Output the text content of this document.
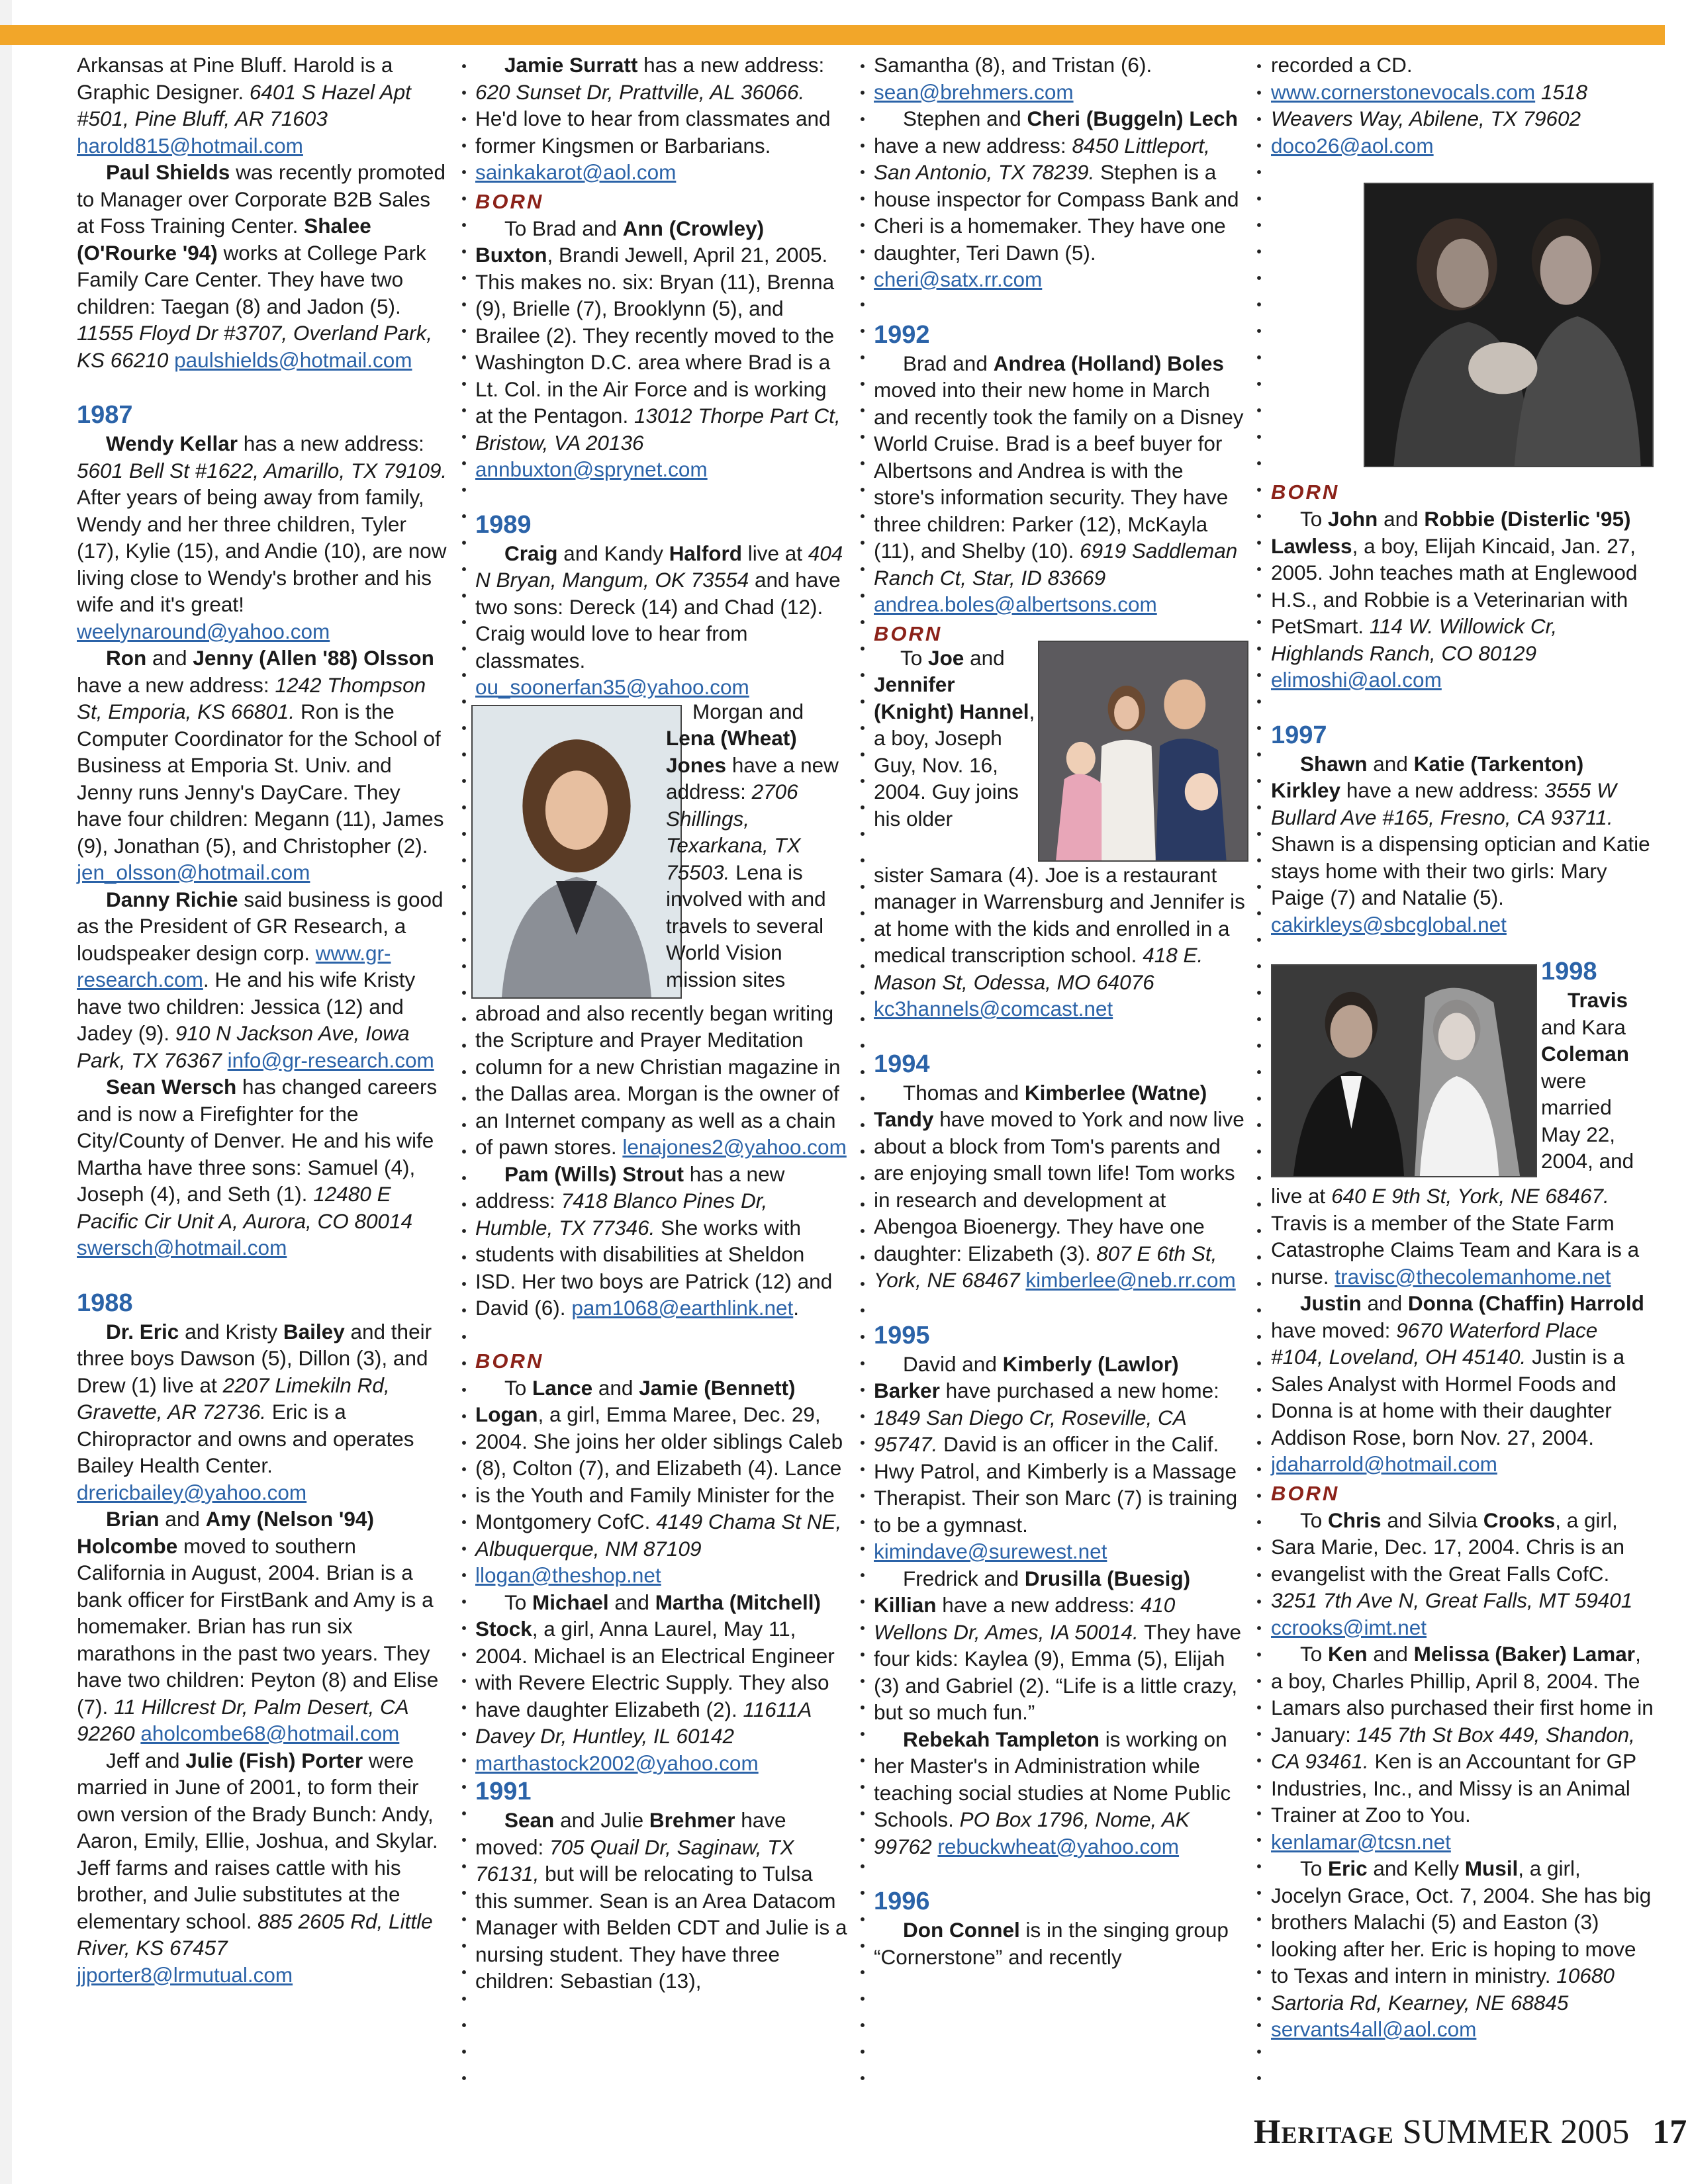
Arkansas at Pine Bluff. Harold is a Graphic Designer. 6401 S Hazel Apt #501, Pine Bluff, AR 71603 harold815@hotmail.com

Paul Shields was recently promoted to Manager over Corporate B2B Sales at Foss Training Center. Shalee (O'Rourke '94) works at College Park Family Care Center. They have two children: Taegan (8) and Jadon (5). 11555 Floyd Dr #3707, Overland Park, KS 66210 paulshields@hotmail.com

1987

Wendy Kellar has a new address: 5601 Bell St #1622, Amarillo, TX 79109. After years of being away from family, Wendy and her three children, Tyler (17), Kylie (15), and Andie (10), are now living close to Wendy's brother and his wife and it's great! weelynaround@yahoo.com

Ron and Jenny (Allen '88) Olsson have a new address: 1242 Thompson St, Emporia, KS 66801. Ron is the Computer Coordinator for the School of Business at Emporia St. Univ. and Jenny runs Jenny's DayCare. They have four children: Megann (11), James (9), Jonathan (5), and Christopher (2). jen_olsson@hotmail.com

Danny Richie said business is good as the President of GR Research, a loudspeaker design corp. www.gr-research.com. He and his wife Kristy have two children: Jessica (12) and Jadey (9). 910 N Jackson Ave, Iowa Park, TX 76367 info@gr-research.com

Sean Wersch has changed careers and is now a Firefighter for the City/County of Denver. He and his wife Martha have three sons: Samuel (4), Joseph (4), and Seth (1). 12480 E Pacific Cir Unit A, Aurora, CO 80014 swersch@hotmail.com

1988

Dr. Eric and Kristy Bailey and their three boys Dawson (5), Dillon (3), and Drew (1) live at 2207 Limekiln Rd, Gravette, AR 72736. Eric is a Chiropractor and owns and operates Bailey Health Center. drericbailey@yahoo.com

Brian and Amy (Nelson '94) Holcombe moved to southern California in August, 2004. Brian is a bank officer for FirstBank and Amy is a homemaker. Brian has run six marathons in the past two years. They have two children: Peyton (8) and Elise (7). 11 Hillcrest Dr, Palm Desert, CA 92260 aholcombe68@hotmail.com

Jeff and Julie (Fish) Porter were married in June of 2001, to form their own version of the Brady Bunch: Andy, Aaron, Emily, Ellie, Joshua, and Skylar. Jeff farms and raises cattle with his brother, and Julie substitutes at the elementary school. 885 2605 Rd, Little River, KS 67457 jjporter8@lrmutual.com

Jamie Surratt has a new address: 620 Sunset Dr, Prattville, AL 36066. He'd love to hear from classmates and former Kingsmen or Barbarians. sainkakarot@aol.com

BORN

To Brad and Ann (Crowley) Buxton, Brandi Jewell, April 21, 2005. This makes no. six: Bryan (11), Brenna (9), Brielle (7), Brooklynn (5), and Brailee (2). They recently moved to the Washington D.C. area where Brad is a Lt. Col. in the Air Force and is working at the Pentagon. 13012 Thorpe Part Ct, Bristow, VA 20136 annbuxton@sprynet.com

1989

Craig and Kandy Halford live at 404 N Bryan, Mangum, OK 73554 and have two sons: Dereck (14) and Chad (12). Craig would love to hear from classmates. ou_soonerfan35@yahoo.com

Morgan and Lena (Wheat) Jones have a new address: 2706 Shillings, Texarkana, TX 75503. Lena is involved with and travels to several World Vision mission sites

abroad and also recently began writing the Scripture and Prayer Meditation column for a new Christian magazine in the Dallas area. Morgan is the owner of an Internet company as well as a chain of pawn stores. lenajones2@yahoo.com

Pam (Wills) Strout has a new address: 7418 Blanco Pines Dr, Humble, TX 77346. She works with students with disabilities at Sheldon ISD. Her two boys are Patrick (12) and David (6). pam1068@earthlink.net.

BORN

To Lance and Jamie (Bennett) Logan, a girl, Emma Maree, Dec. 29, 2004. She joins her older siblings Caleb (8), Colton (7), and Elizabeth (4). Lance is the Youth and Family Minister for the Montgomery CofC. 4149 Chama St NE, Albuquerque, NM 87109 llogan@theshop.net

To Michael and Martha (Mitchell) Stock, a girl, Anna Laurel, May 11, 2004. Michael is an Electrical Engineer with Revere Electric Supply. They also have daughter Elizabeth (2). 11611A Davey Dr, Huntley, IL 60142 marthastock2002@yahoo.com

1991

Sean and Julie Brehmer have moved: 705 Quail Dr, Saginaw, TX 76131, but will be relocating to Tulsa this summer. Sean is an Area Datacom Manager with Belden CDT and Julie is a nursing student. They have three children: Sebastian (13),

Samantha (8), and Tristan (6). sean@brehmers.com

Stephen and Cheri (Buggeln) Lech have a new address: 8450 Littleport, San Antonio, TX 78239. Stephen is a house inspector for Compass Bank and Cheri is a homemaker. They have one daughter, Teri Dawn (5). cheri@satx.rr.com

1992

Brad and Andrea (Holland) Boles moved into their new home in March and recently took the family on a Disney World Cruise. Brad is a beef buyer for Albertsons and Andrea is with the store's information security. They have three children: Parker (12), McKayla (11), and Shelby (10). 6919 Saddleman Ranch Ct, Star, ID 83669 andrea.boles@albertsons.com

BORN

To Joe and Jennifer (Knight) Hannel, a boy, Joseph Guy, Nov. 16, 2004. Guy joins his older

sister Samara (4). Joe is a restaurant manager in Warrensburg and Jennifer is at home with the kids and enrolled in a medical transcription school. 418 E. Mason St, Odessa, MO 64076 kc3hannels@comcast.net

1994

Thomas and Kimberlee (Watne) Tandy have moved to York and now live about a block from Tom's parents and are enjoying small town life! Tom works in research and development at Abengoa Bioenergy. They have one daughter: Elizabeth (3). 807 E 6th St, York, NE 68467 kimberlee@neb.rr.com

1995

David and Kimberly (Lawlor) Barker have purchased a new home: 1849 San Diego Cr, Roseville, CA 95747. David is an officer in the Calif. Hwy Patrol, and Kimberly is a Massage Therapist. Their son Marc (7) is training to be a gymnast. kimindave@surewest.net

Fredrick and Drusilla (Buesig) Killian have a new address: 410 Wellons Dr, Ames, IA 50014. They have four kids: Kaylea (9), Emma (5), Elijah (3) and Gabriel (2). “Life is a little crazy, but so much fun.”

Rebekah Tampleton is working on her Master's in Administration while teaching social studies at Nome Public Schools. PO Box 1796, Nome, AK 99762 rebuckwheat@yahoo.com

1996

Don Connel is in the singing group “Cornerstone” and recently

recorded a CD. www.cornerstonevocals.com 1518 Weavers Way, Abilene, TX 79602 doco26@aol.com

BORN

To John and Robbie (Disterlic '95) Lawless, a boy, Elijah Kincaid, Jan. 27, 2005. John teaches math at Englewood H.S., and Robbie is a Veterinarian with PetSmart. 114 W. Willowick Cr, Highlands Ranch, CO 80129 elimoshi@aol.com

1997

Shawn and Katie (Tarkenton) Kirkley have a new address: 3555 W Bullard Ave #165, Fresno, CA 93711. Shawn is a dispensing optician and Katie stays home with their two girls: Mary Paige (7) and Natalie (5). cakirkleys@sbcglobal.net

1998

Travis and Kara Coleman were married May 22, 2004, and

live at 640 E 9th St, York, NE 68467. Travis is a member of the State Farm Catastrophe Claims Team and Kara is a nurse. travisc@thecolemanhome.net

Justin and Donna (Chaffin) Harrold have moved: 9670 Waterford Place #104, Loveland, OH 45140. Justin is a Sales Analyst with Hormel Foods and Donna is at home with their daughter Addison Rose, born Nov. 27, 2004. jdaharrold@hotmail.com

BORN

To Chris and Silvia Crooks, a girl, Sara Marie, Dec. 17, 2004. Chris is an evangelist with the Great Falls CofC. 3251 7th Ave N, Great Falls, MT 59401 ccrooks@imt.net

To Ken and Melissa (Baker) Lamar, a boy, Charles Phillip, April 8, 2004. The Lamars also purchased their first home in January: 145 7th St Box 449, Shandon, CA 93461. Ken is an Accountant for GP Industries, Inc., and Missy is an Animal Trainer at Zoo to You. kenlamar@tcsn.net

To Eric and Kelly Musil, a girl, Jocelyn Grace, Oct. 7, 2004. She has big brothers Malachi (5) and Easton (3) looking after her. Eric is hoping to move to Texas and intern in ministry. 10680 Sartoria Rd, Kearney, NE 68845 servants4all@aol.com

Heritage SUMMER 2005 17
